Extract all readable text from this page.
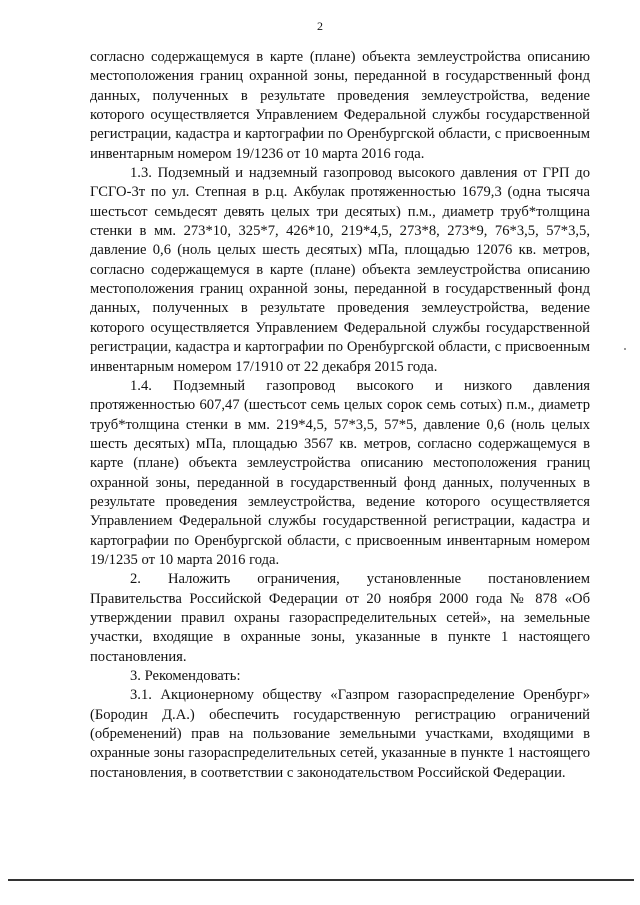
2

согласно содержащемуся в карте (плане) объекта землеустройства описанию местоположения границ охранной зоны, переданной в государственный фонд данных, полученных в результате проведения землеустройства, ведение которого осуществляется Управлением Федеральной службы государственной регистрации, кадастра и картографии по Оренбургской области, с присвоенным инвентарным номером 19/1236 от 10 марта 2016 года.

1.3. Подземный и надземный газопровод высокого давления от ГРП до ГСГО-3т по ул. Степная в р.ц. Акбулак протяженностью 1679,3 (одна тысяча шестьсот семьдесят девять целых три десятых) п.м., диаметр труб*толщина стенки в мм. 273*10, 325*7, 426*10, 219*4,5, 273*8, 273*9, 76*3,5, 57*3,5, давление 0,6 (ноль целых шесть десятых) мПа, площадью 12076 кв. метров, согласно содержащемуся в карте (плане) объекта землеустройства описанию местоположения границ охранной зоны, переданной в государственный фонд данных, полученных в результате проведения землеустройства, ведение которого осуществляется Управлением Федеральной службы государственной регистрации, кадастра и картографии по Оренбургской области, с присвоенным инвентарным номером 17/1910 от 22 декабря 2015 года.

1.4. Подземный газопровод высокого и низкого давления протяженностью 607,47 (шестьсот семь целых сорок семь сотых) п.м., диаметр труб*толщина стенки в мм. 219*4,5, 57*3,5, 57*5, давление 0,6 (ноль целых шесть десятых) мПа, площадью 3567 кв. метров, согласно содержащемуся в карте (плане) объекта землеустройства описанию местоположения границ охранной зоны, переданной в государственный фонд данных, полученных в результате проведения землеустройства, ведение которого осуществляется Управлением Федеральной службы государственной регистрации, кадастра и картографии по Оренбургской области, с присвоенным инвентарным номером 19/1235 от 10 марта 2016 года.

2. Наложить ограничения, установленные постановлением Правительства Российской Федерации от 20 ноября 2000 года № 878 «Об утверждении правил охраны газораспределительных сетей», на земельные участки, входящие в охранные зоны, указанные в пункте 1 настоящего постановления.

3. Рекомендовать:

3.1. Акционерному обществу «Газпром газораспределение Оренбург» (Бородин Д.А.) обеспечить государственную регистрацию ограничений (обременений) прав на пользование земельными участками, входящими в охранные зоны газораспределительных сетей, указанные в пункте 1 настоящего постановления, в соответствии с законодательством Российской Федерации.
